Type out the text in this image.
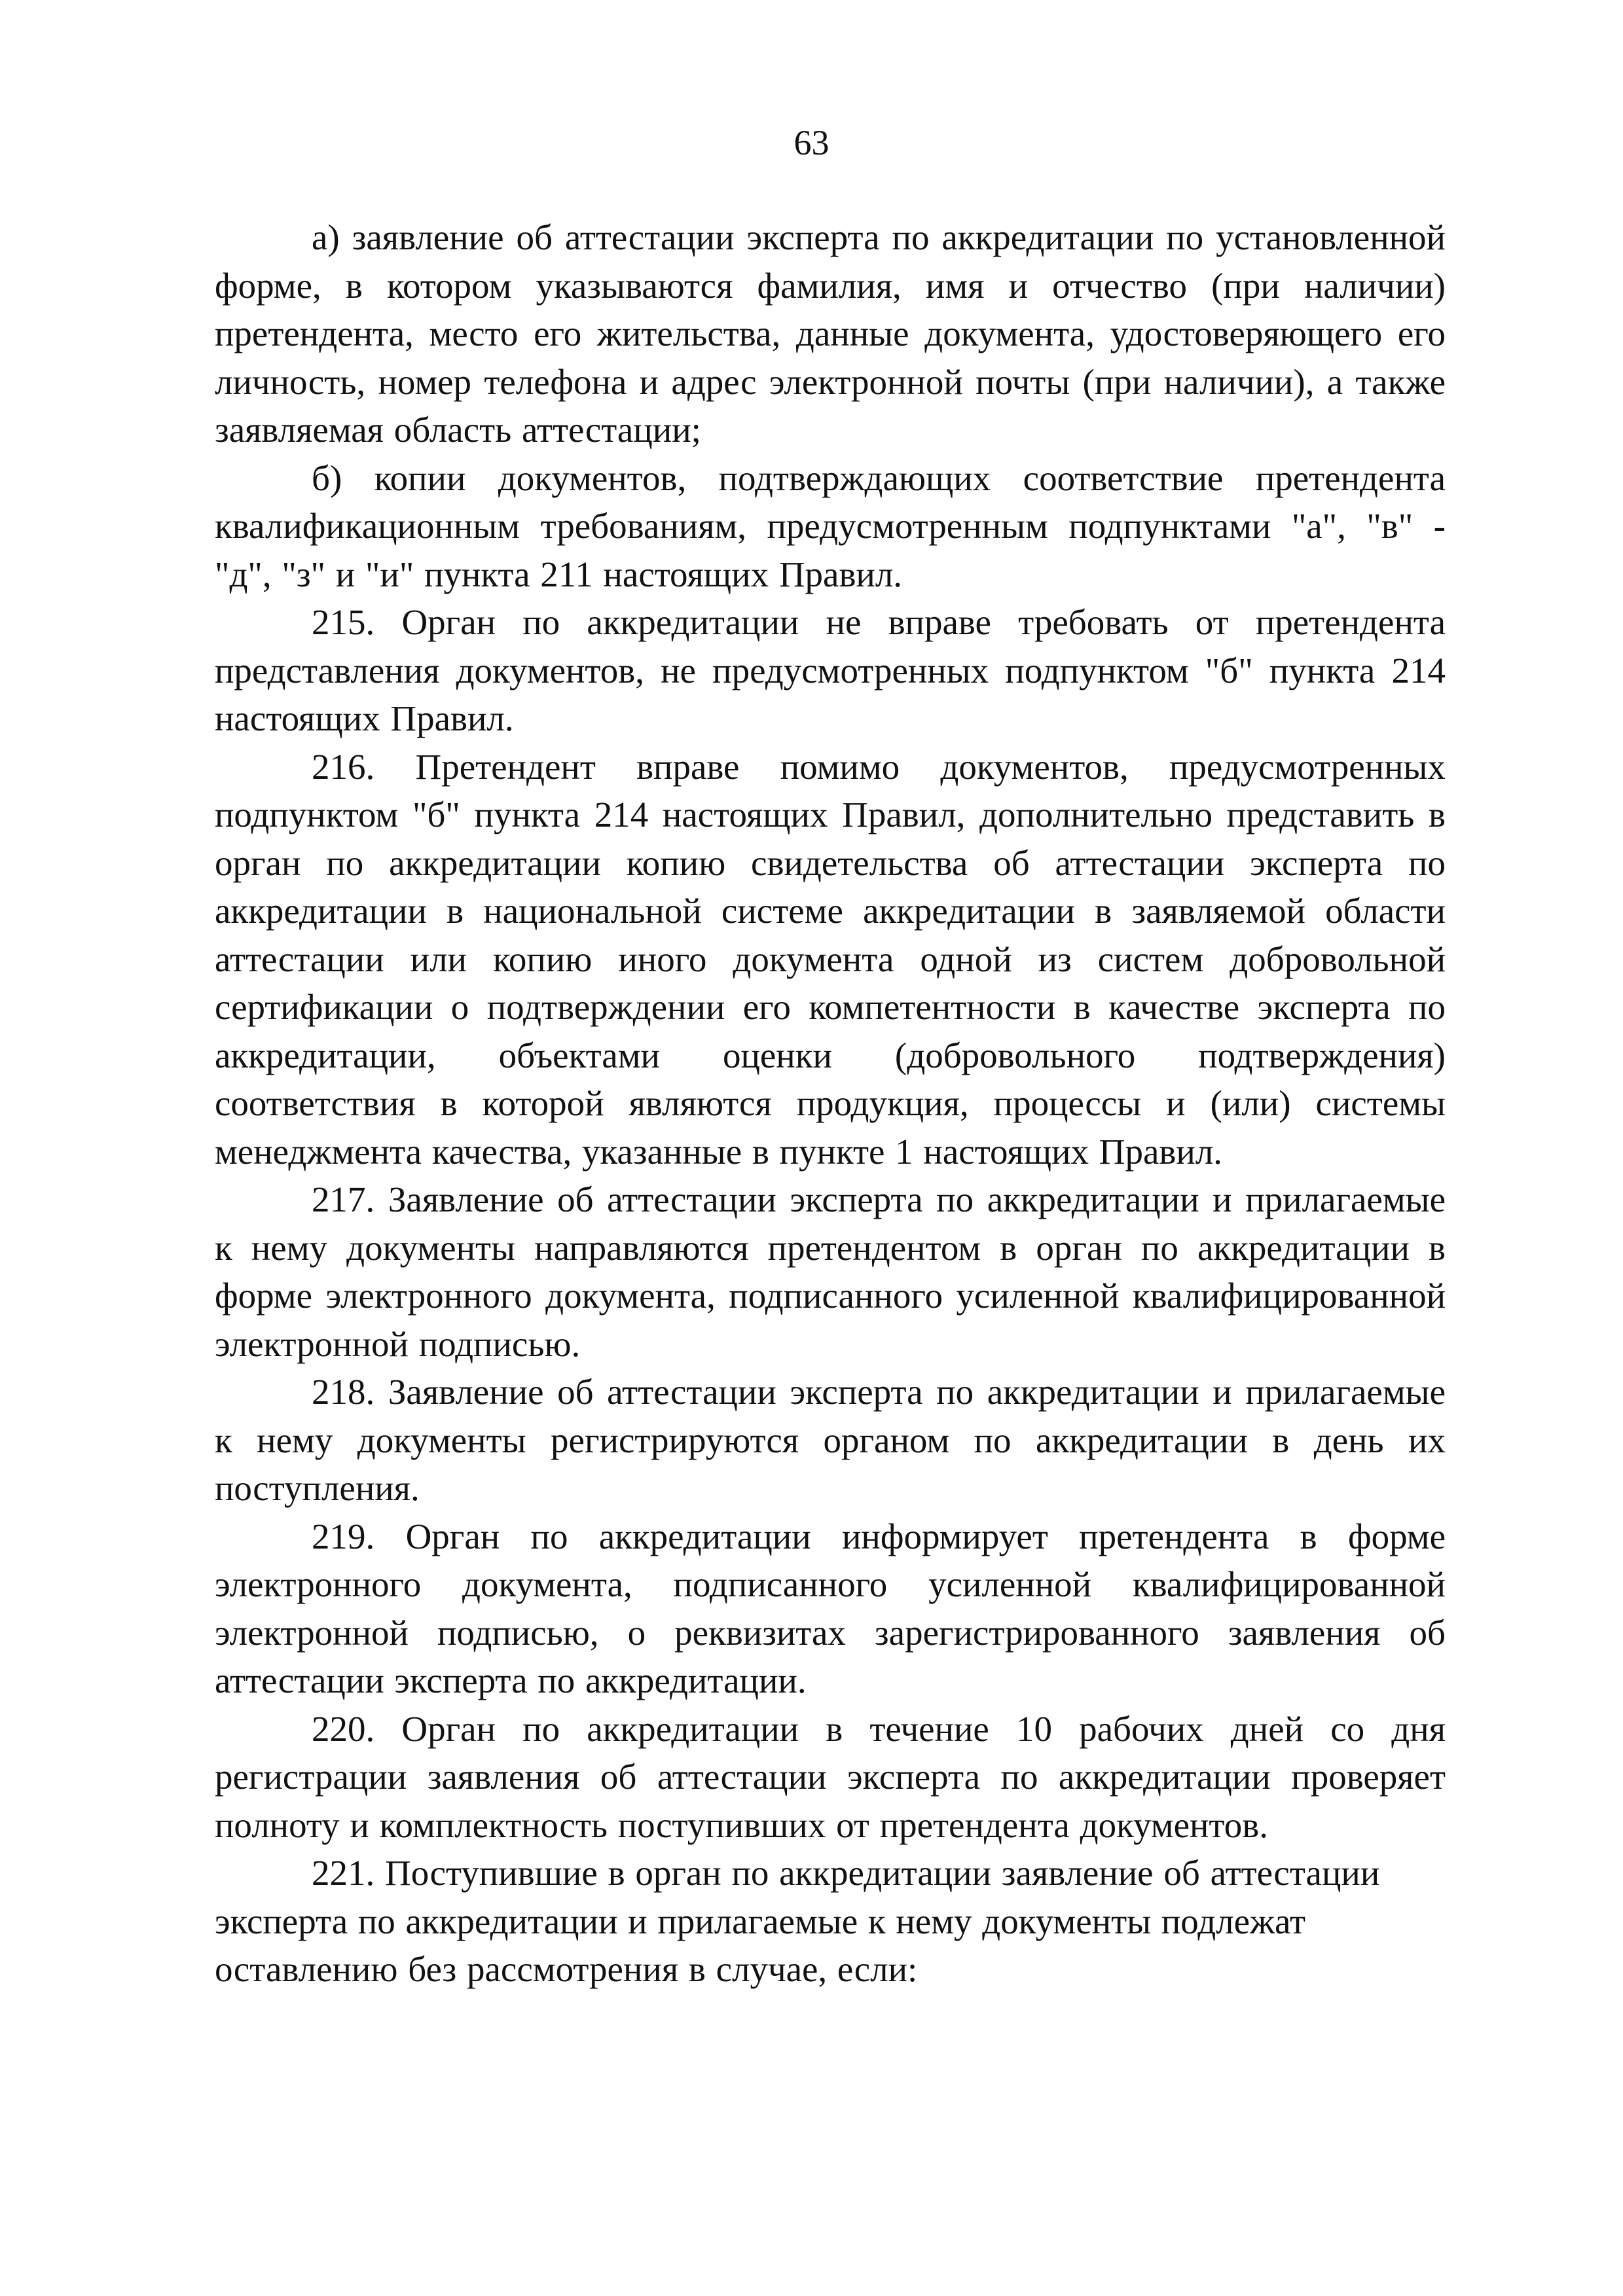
63

а) заявление об аттестации эксперта по аккредитации по установленной форме, в котором указываются фамилия, имя и отчество (при наличии) претендента, место его жительства, данные документа, удостоверяющего его личность, номер телефона и адрес электронной почты (при наличии), а также заявляемая область аттестации;

б) копии документов, подтверждающих соответствие претендента квалификационным требованиям, предусмотренным подпунктами "а", "в" - "д", "з" и "и" пункта 211 настоящих Правил.

215. Орган по аккредитации не вправе требовать от претендента представления документов, не предусмотренных подпунктом "б" пункта 214 настоящих Правил.

216. Претендент вправе помимо документов, предусмотренных подпунктом "б" пункта 214 настоящих Правил, дополнительно представить в орган по аккредитации копию свидетельства об аттестации эксперта по аккредитации в национальной системе аккредитации в заявляемой области аттестации или копию иного документа одной из систем добровольной сертификации о подтверждении его компетентности в качестве эксперта по аккредитации, объектами оценки (добровольного подтверждения) соответствия в которой являются продукция, процессы и (или) системы менеджмента качества, указанные в пункте 1 настоящих Правил.

217. Заявление об аттестации эксперта по аккредитации и прилагаемые к нему документы направляются претендентом в орган по аккредитации в форме электронного документа, подписанного усиленной квалифицированной электронной подписью.

218. Заявление об аттестации эксперта по аккредитации и прилагаемые к нему документы регистрируются органом по аккредитации в день их поступления.

219. Орган по аккредитации информирует претендента в форме электронного документа, подписанного усиленной квалифицированной электронной подписью, о реквизитах зарегистрированного заявления об аттестации эксперта по аккредитации.

220. Орган по аккредитации в течение 10 рабочих дней со дня регистрации заявления об аттестации эксперта по аккредитации проверяет полноту и комплектность поступивших от претендента документов.

221. Поступившие в орган по аккредитации заявление об аттестации эксперта по аккредитации и прилагаемые к нему документы подлежат оставлению без рассмотрения в случае, если:
